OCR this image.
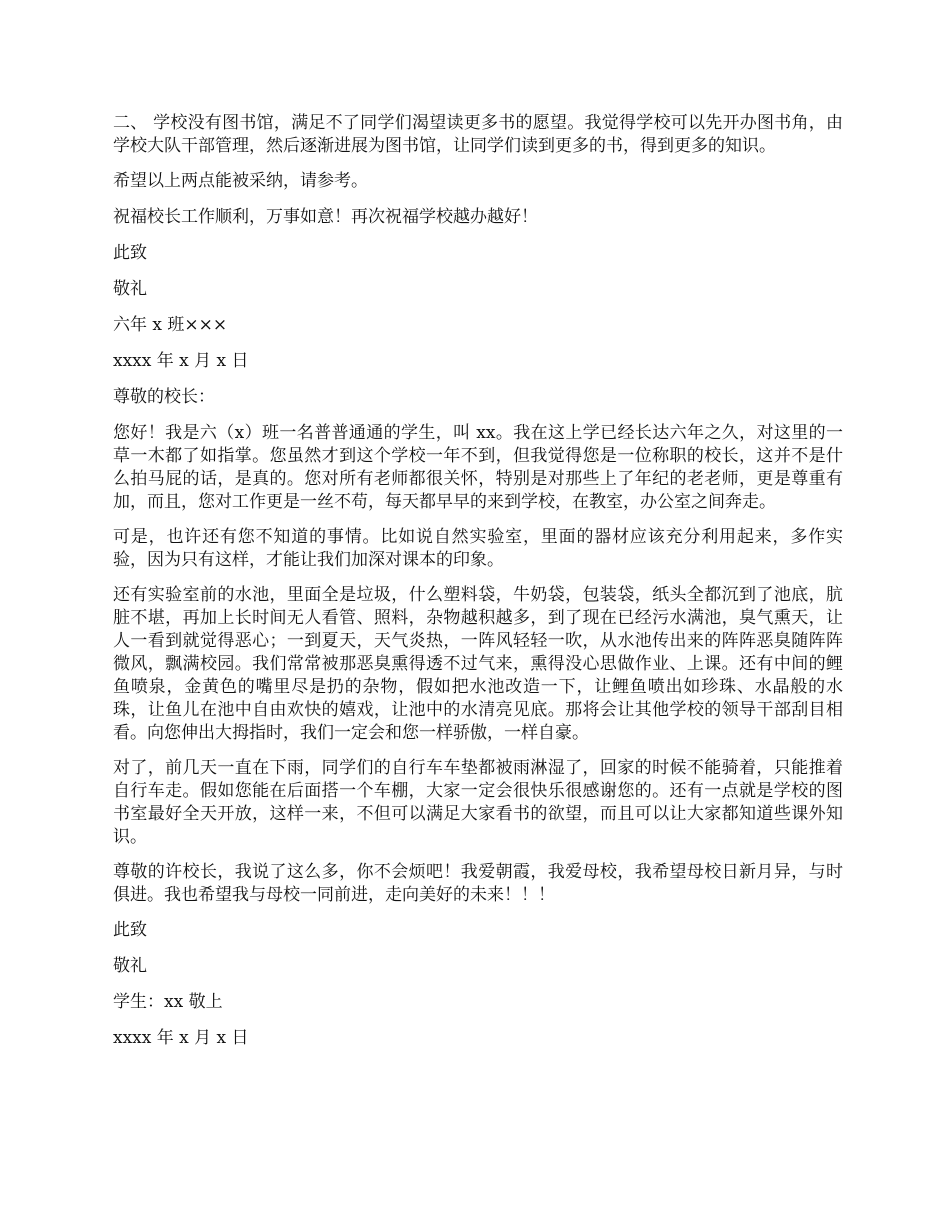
二、 学校没有图书馆，满足不了同学们渴望读更多书的愿望。我觉得学校可以先开办图书角，由学校大队干部管理，然后逐渐进展为图书馆，让同学们读到更多的书，得到更多的知识。

希望以上两点能被采纳，请参考。

祝福校长工作顺利，万事如意！再次祝福学校越办越好！

此致

敬礼

六年 x 班×××

xxxx 年 x 月 x 日

尊敬的校长：

您好！我是六（x）班一名普普通通的学生，叫 xx。我在这上学已经长达六年之久，对这里的一草一木都了如指掌。您虽然才到这个学校一年不到，但我觉得您是一位称职的校长，这并不是什么拍马屁的话，是真的。您对所有老师都很关怀，特别是对那些上了年纪的老老师，更是尊重有加，而且，您对工作更是一丝不苟，每天都早早的来到学校，在教室，办公室之间奔走。

可是，也许还有您不知道的事情。比如说自然实验室，里面的器材应该充分利用起来，多作实验，因为只有这样，才能让我们加深对课本的印象。

还有实验室前的水池，里面全是垃圾，什么塑料袋，牛奶袋，包装袋，纸头全都沉到了池底，肮脏不堪，再加上长时间无人看管、照料，杂物越积越多，到了现在已经污水满池，臭气熏天，让人一看到就觉得恶心；一到夏天，天气炎热，一阵风轻轻一吹，从水池传出来的阵阵恶臭随阵阵微风，飘满校园。我们常常被那恶臭熏得透不过气来，熏得没心思做作业、上课。还有中间的鲤鱼喷泉，金黄色的嘴里尽是扔的杂物，假如把水池改造一下，让鲤鱼喷出如珍珠、水晶般的水珠，让鱼儿在池中自由欢快的嬉戏，让池中的水清亮见底。那将会让其他学校的领导干部刮目相看。向您伸出大拇指时，我们一定会和您一样骄傲，一样自豪。

对了，前几天一直在下雨，同学们的自行车车垫都被雨淋湿了，回家的时候不能骑着，只能推着自行车走。假如您能在后面搭一个车棚，大家一定会很快乐很感谢您的。还有一点就是学校的图书室最好全天开放，这样一来，不但可以满足大家看书的欲望，而且可以让大家都知道些课外知识。

尊敬的许校长，我说了这么多，你不会烦吧！我爱朝霞，我爱母校，我希望母校日新月异，与时俱进。我也希望我与母校一同前进，走向美好的未来！！！

此致

敬礼

学生：xx 敬上

xxxx 年 x 月 x 日
